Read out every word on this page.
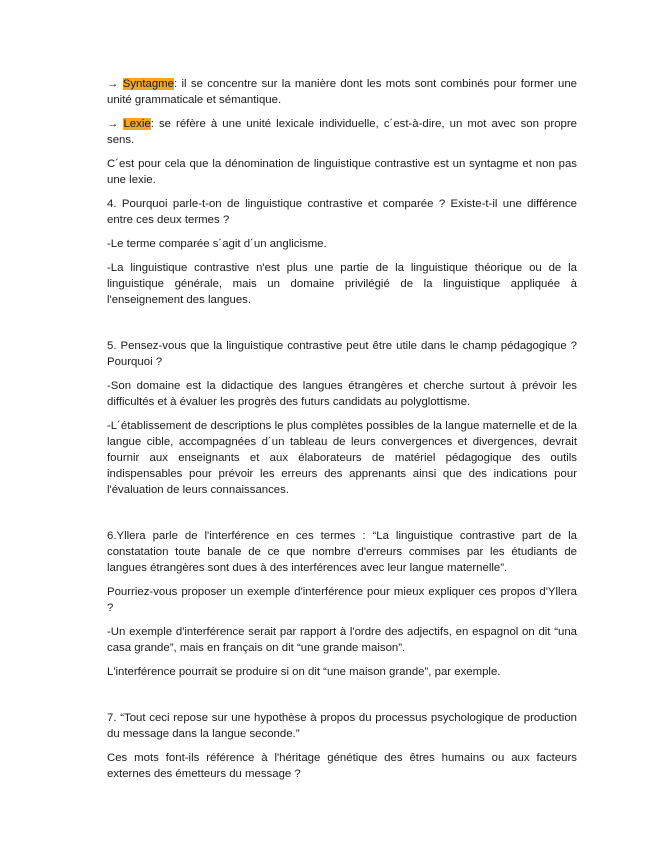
→ Syntagme: il se concentre sur la manière dont les mots sont combinés pour former une unité grammaticale et sémantique.

→ Lexie: se réfère à une unité lexicale individuelle, c´est-à-dire, un mot avec son propre sens.

C´est pour cela que la dénomination de linguistique contrastive est un syntagme et non pas une lexie.

4. Pourquoi parle-t-on de linguistique contrastive et comparée ? Existe-t-il une différence entre ces deux termes ?

-Le terme comparée s´agit d´un anglicisme.

-La linguistique contrastive n'est plus une partie de la linguistique théorique ou de la linguistique générale, mais un domaine privilégié de la linguistique appliquée à l'enseignement des langues.

5. Pensez-vous que la linguistique contrastive peut être utile dans le champ pédagogique ? Pourquoi ?

-Son domaine est la didactique des langues étrangères et cherche surtout à prévoir les difficultés et à évaluer les progrès des futurs candidats au polyglottisme.

-L´établissement de descriptions le plus complètes possibles de la langue maternelle et de la langue cible, accompagnées d´un tableau de leurs convergences et divergences, devrait fournir aux enseignants et aux élaborateurs de matériel pédagogique des outils indispensables pour prévoir les erreurs des apprenants ainsi que des indications pour l'évaluation de leurs connaissances.

6.Yllera parle de l'interférence en ces termes : “La linguistique contrastive part de la constatation toute banale de ce que nombre d'erreurs commises par les étudiants de langues étrangères sont dues à des interférences avec leur langue maternelle”.

Pourriez-vous proposer un exemple d'interférence pour mieux expliquer ces propos d'Yllera ?

-Un exemple d'interférence serait par rapport à l'ordre des adjectifs, en espagnol on dit “una casa grande”, mais en français on dit “une grande maison”.

L'interférence pourrait se produire si on dit “une maison grande”, par exemple.

7. “Tout ceci repose sur une hypothèse à propos du processus psychologique de production du message dans la langue seconde.”

Ces mots font-ils référence à l'héritage génétique des êtres humains ou aux facteurs externes des émetteurs du message ?
